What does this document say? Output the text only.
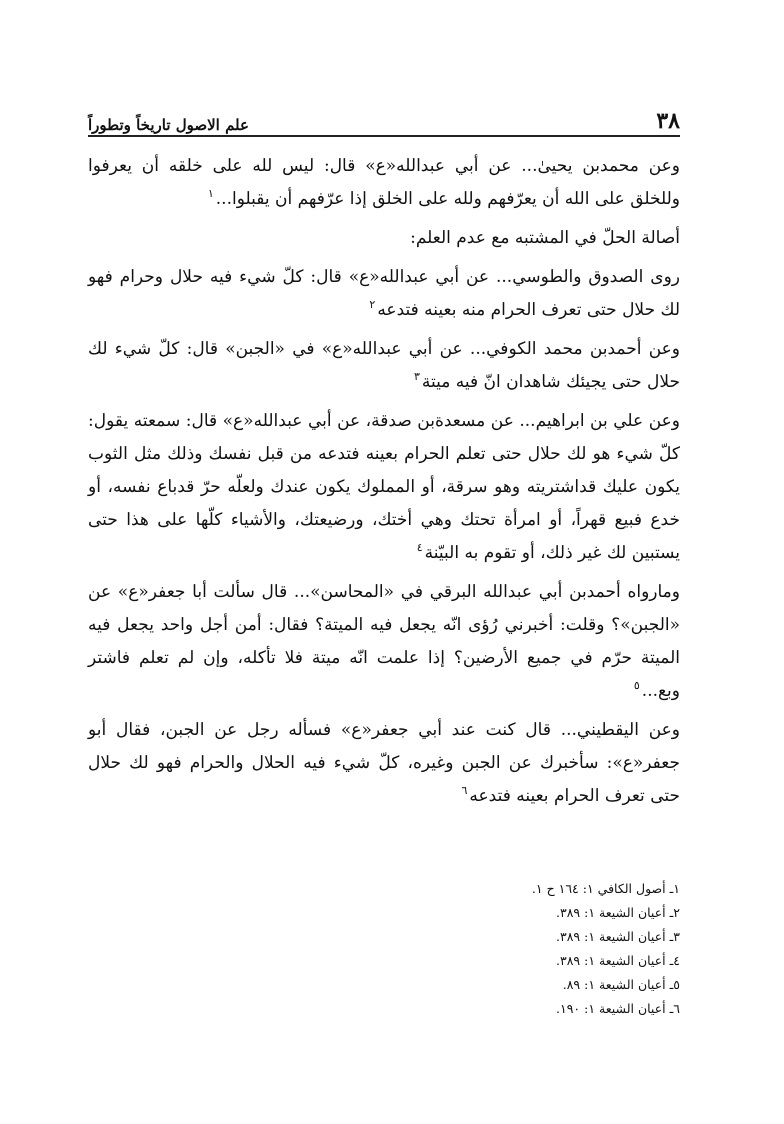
٣٨
علم الاصول تاريخاً وتطوراً

وعن محمدبن يحيىٰ... عن أبي عبدالله«ع» قال: ليس لله على خلقه أن يعرفوا وللخلق على الله أن يعرّفهم ولله على الخلق إذا عرّفهم أن يقبلوا...$^١$

أصالة الحلّ في المشتبه مع عدم العلم:

روى الصدوق والطوسي... عن أبي عبدالله«ع» قال: كلّ شيء فيه حلال وحرام فهو لك حلال حتى تعرف الحرام منه بعينه فتدعه$^٢$

وعن أحمدبن محمد الكوفي... عن أبي عبدالله«ع» في «الجبن» قال: كلّ شيء لك حلال حتى يجيئك شاهدان انّ فيه ميتة$^٣$

وعن علي بن ابراهيم... عن مسعدةبن صدقة، عن أبي عبدالله«ع» قال: سمعته يقول: كلّ شيء هو لك حلال حتى تعلم الحرام بعينه فتدعه من قبل نفسك وذلك مثل الثوب يكون عليك قداشتريته وهو سرقة، أو المملوك يكون عندك ولعلّه حرّ قدباع نفسه، أو خدع فبيع قهراً، أو امرأة تحتك وهي أختك، ورضيعتك، والأشياء كلّها على هذا حتى يستبين لك غير ذلك، أو تقوم به البيّنة$^٤$

ومارواه أحمدبن أبي عبدالله البرقي في «المحاسن»... قال سألت أبا جعفر«ع» عن «الجبن»؟ وقلت: أخبرني رُؤى انّه يجعل فيه الميتة؟ فقال: أمن أجل واحد يجعل فيه الميتة حرّم في جميع الأرضين؟ إذا علمت انّه ميتة فلا تأكله، وإن لم تعلم فاشتر وبع...$^٥$

وعن اليقطيني... قال كنت عند أبي جعفر«ع» فسأله رجل عن الجبن، فقال أبو جعفر«ع»: سأخبرك عن الجبن وغيره، كلّ شيء فيه الحلال والحرام فهو لك حلال حتى تعرف الحرام بعينه فتدعه$^٦$

١ـ أصول الكافي ١: ١٦٤ ح ١.

٢ـ أعيان الشيعة ١: ٣٨٩.

٣ـ أعيان الشيعة ١: ٣٨٩.

٤ـ أعيان الشيعة ١: ٣٨٩.

٥ـ أعيان الشيعة ١: ٨٩.

٦ـ أعيان الشيعة ١: ١٩٠.
